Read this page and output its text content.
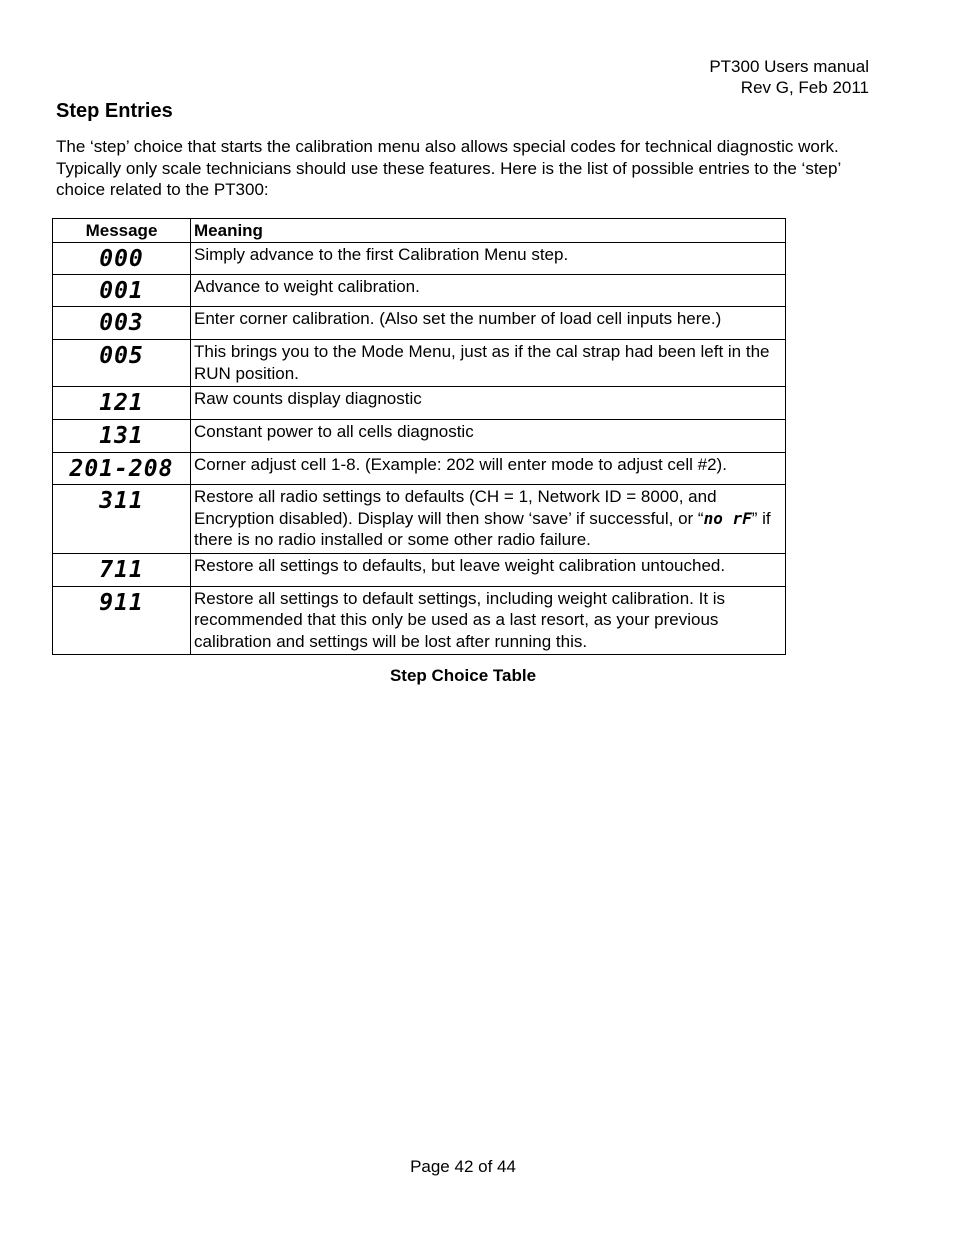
PT300 Users manual
Rev G, Feb 2011
Step Entries
The ‘step’ choice that starts the calibration menu also allows special codes for technical diagnostic work. Typically only scale technicians should use these features. Here is the list of possible entries to the ‘step’ choice related to the PT300:
Message	Meaning
000	Simply advance to the first Calibration Menu step.
001	Advance to weight calibration.
003	Enter corner calibration. (Also set the number of load cell inputs here.)
005	This brings you to the Mode Menu, just as if the cal strap had been left in the RUN position.
121	Raw counts display diagnostic
131	Constant power to all cells diagnostic
201-208	Corner adjust cell 1-8. (Example: 202 will enter mode to adjust cell #2).
311	Restore all radio settings to defaults (CH = 1, Network ID = 8000, and Encryption disabled). Display will then show ‘save’ if successful, or “no rF” if there is no radio installed or some other radio failure.
711	Restore all settings to defaults, but leave weight calibration untouched.
911	Restore all settings to default settings, including weight calibration. It is recommended that this only be used as a last resort, as your previous calibration and settings will be lost after running this.
Step Choice Table
Page 42 of 44
